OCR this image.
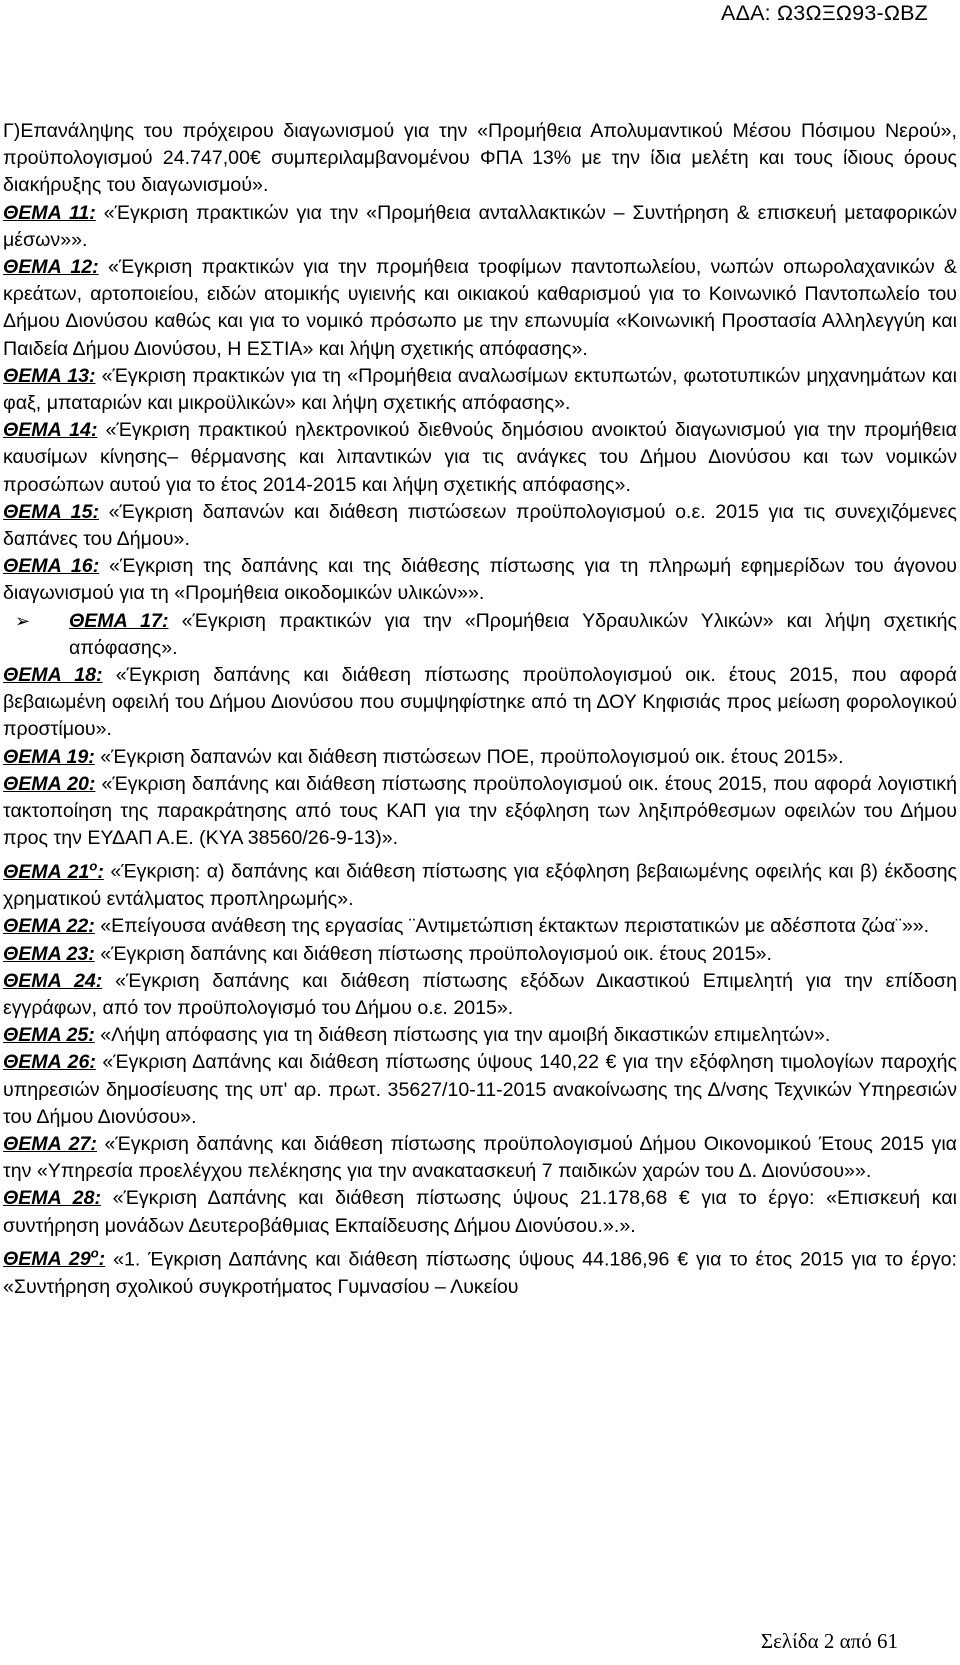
ΑΔΑ: Ω3ΩΞΩ93-ΩΒΖ

Γ)Επανάληψης του πρόχειρου διαγωνισμού για την «Προμήθεια Απολυμαντικού Μέσου Πόσιμου Νερού», προϋπολογισμού 24.747,00€ συμπεριλαμβανομένου ΦΠΑ 13% με την ίδια μελέτη και τους ίδιους όρους διακήρυξης του διαγωνισμού».

ΘΕΜΑ 11: «Έγκριση πρακτικών για την «Προμήθεια ανταλλακτικών – Συντήρηση & επισκευή μεταφορικών μέσων»».

ΘΕΜΑ 12: «Έγκριση πρακτικών για την προμήθεια τροφίμων παντοπωλείου, νωπών οπωρολαχανικών & κρεάτων, αρτοποιείου, ειδών ατομικής υγιεινής και οικιακού καθαρισμού για το Κοινωνικό Παντοπωλείο του Δήμου Διονύσου καθώς και για το νομικό πρόσωπο με την επωνυμία «Κοινωνική Προστασία Αλληλεγγύη και Παιδεία Δήμου Διονύσου, Η ΕΣΤΙΑ» και λήψη σχετικής απόφασης».

ΘΕΜΑ 13: «Έγκριση πρακτικών για τη «Προμήθεια αναλωσίμων εκτυπωτών, φωτοτυπικών μηχανημάτων και φαξ, μπαταριών και μικροϋλικών» και λήψη σχετικής απόφασης».

ΘΕΜΑ 14: «Έγκριση πρακτικού ηλεκτρονικού διεθνούς δημόσιου ανοικτού διαγωνισμού για την προμήθεια καυσίμων κίνησης– θέρμανσης και λιπαντικών για τις ανάγκες του Δήμου Διονύσου και των νομικών προσώπων αυτού για το έτος 2014-2015 και λήψη σχετικής απόφασης».

ΘΕΜΑ 15: «Έγκριση δαπανών και διάθεση πιστώσεων προϋπολογισμού ο.ε. 2015 για τις συνεχιζόμενες δαπάνες του Δήμου».

ΘΕΜΑ 16: «Έγκριση της δαπάνης και της διάθεσης πίστωσης για τη πληρωμή εφημερίδων του άγονου διαγωνισμού για τη «Προμήθεια οικοδομικών υλικών»».

➢	ΘΕΜΑ 17: «Έγκριση πρακτικών για την «Προμήθεια Υδραυλικών Υλικών» και λήψη σχετικής απόφασης».

ΘΕΜΑ 18: «Έγκριση δαπάνης και διάθεση πίστωσης προϋπολογισμού οικ. έτους 2015, που αφορά βεβαιωμένη οφειλή του Δήμου Διονύσου που συμψηφίστηκε από τη ΔΟΥ Κηφισιάς προς μείωση φορολογικού προστίμου».

ΘΕΜΑ 19: «Έγκριση δαπανών και διάθεση πιστώσεων ΠΟΕ, προϋπολογισμού οικ. έτους 2015».

ΘΕΜΑ 20: «Έγκριση δαπάνης και διάθεση πίστωσης προϋπολογισμού οικ. έτους 2015, που αφορά λογιστική τακτοποίηση της παρακράτησης από τους ΚΑΠ για την εξόφληση των ληξιπρόθεσμων οφειλών του Δήμου προς την ΕΥΔΑΠ Α.Ε. (ΚΥΑ 38560/26-9-13)».

ΘΕΜΑ $21^o$: «Έγκριση: α) δαπάνης και διάθεση πίστωσης για εξόφληση βεβαιωμένης οφειλής και β) έκδοσης χρηματικού εντάλματος προπληρωμής».

ΘΕΜΑ 22: «Επείγουσα ανάθεση της εργασίας ¨Αντιμετώπιση έκτακτων περιστατικών με αδέσποτα ζώα¨»».

ΘΕΜΑ 23: «Έγκριση δαπάνης και διάθεση πίστωσης προϋπολογισμού οικ. έτους 2015».

ΘΕΜΑ 24: «Έγκριση δαπάνης και διάθεση πίστωσης εξόδων Δικαστικού Επιμελητή για την επίδοση εγγράφων, από τον προϋπολογισμό του Δήμου ο.ε. 2015».

ΘΕΜΑ 25: «Λήψη απόφασης για τη διάθεση πίστωσης για την αμοιβή δικαστικών επιμελητών».

ΘΕΜΑ 26: «Έγκριση Δαπάνης και διάθεση πίστωσης ύψους 140,22 € για την εξόφληση τιμολογίων παροχής υπηρεσιών δημοσίευσης της υπ' αρ. πρωτ. 35627/10-11-2015 ανακοίνωσης της Δ/νσης Τεχνικών Υπηρεσιών του Δήμου Διονύσου».

ΘΕΜΑ 27: «Έγκριση δαπάνης και διάθεση πίστωσης προϋπολογισμού Δήμου Οικονομικού Έτους 2015 για την «Υπηρεσία προελέγχου πελέκησης για την ανακατασκευή 7 παιδικών χαρών του Δ. Διονύσου»».

ΘΕΜΑ 28: «Έγκριση Δαπάνης και διάθεση πίστωσης ύψους 21.178,68 € για το έργο: «Επισκευή και συντήρηση μονάδων Δευτεροβάθμιας Εκπαίδευσης Δήμου Διονύσου.».».

ΘΕΜΑ $29^o$: «1. Έγκριση Δαπάνης και διάθεση πίστωσης ύψους 44.186,96 € για το έτος 2015 για το έργο: «Συντήρηση σχολικού συγκροτήματος Γυμνασίου – Λυκείου

Σελίδα 2 από 61
